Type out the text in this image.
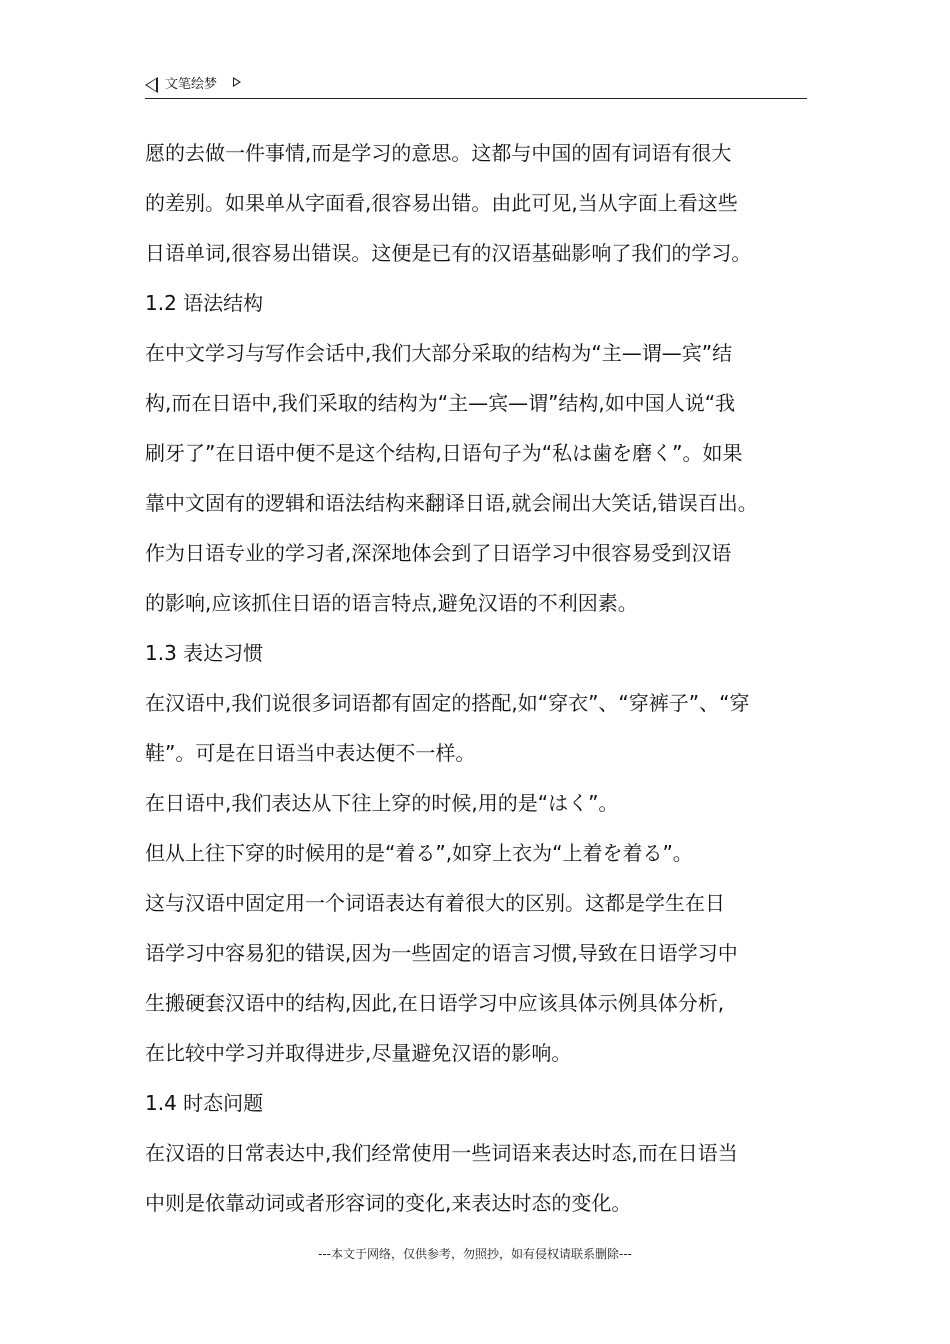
文笔绘梦
愿的去做一件事情,而是学习的意思。这都与中国的固有词语有很大
的差别。如果单从字面看,很容易出错。由此可见,当从字面上看这些
日语单词,很容易出错误。这便是已有的汉语基础影响了我们的学习。
1.2 语法结构
在中文学习与写作会话中,我们大部分采取的结构为“主—谓—宾”结
构,而在日语中,我们采取的结构为“主—宾—谓”结构,如中国人说“我
刷牙了”在日语中便不是这个结构,日语句子为“私は歯を磨く”。如果
靠中文固有的逻辑和语法结构来翻译日语,就会闹出大笑话,错误百出。
作为日语专业的学习者,深深地体会到了日语学习中很容易受到汉语
的影响,应该抓住日语的语言特点,避免汉语的不利因素。
1.3 表达习惯
在汉语中,我们说很多词语都有固定的搭配,如“穿衣”、“穿裤子”、“穿
鞋”。可是在日语当中表达便不一样。
在日语中,我们表达从下往上穿的时候,用的是“はく”。
但从上往下穿的时候用的是“着る”,如穿上衣为“上着を着る”。
这与汉语中固定用一个词语表达有着很大的区别。这都是学生在日
语学习中容易犯的错误,因为一些固定的语言习惯,导致在日语学习中
生搬硬套汉语中的结构,因此,在日语学习中应该具体示例具体分析,
在比较中学习并取得进步,尽量避免汉语的影响。
1.4 时态问题
在汉语的日常表达中,我们经常使用一些词语来表达时态,而在日语当
中则是依靠动词或者形容词的变化,来表达时态的变化。
---本文于网络，仅供参考，勿照抄，如有侵权请联系删除---
